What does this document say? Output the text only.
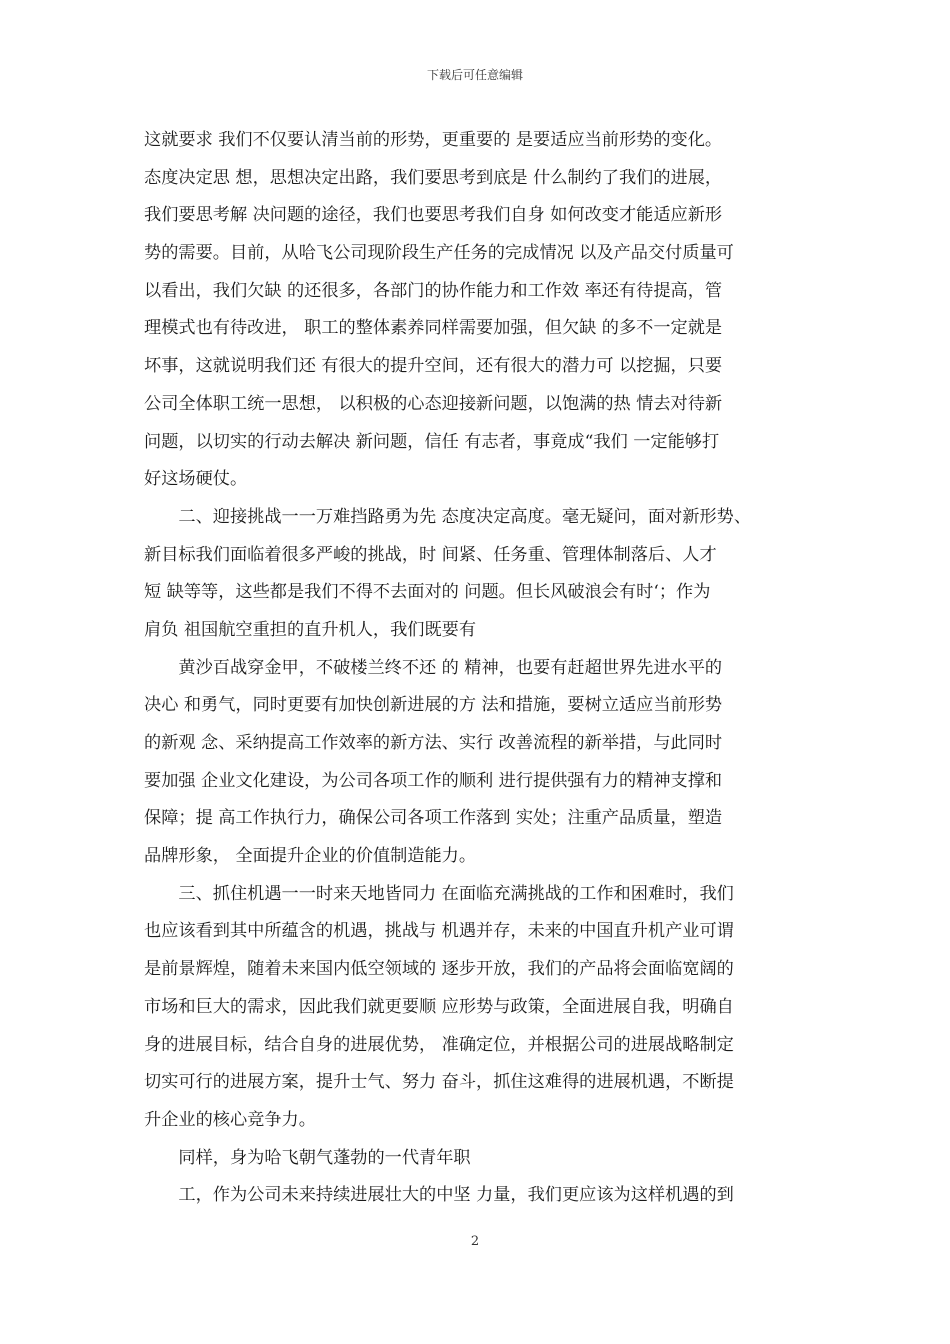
下载后可任意编辑
这就要求 我们不仅要认清当前的形势，更重要的 是要适应当前形势的变化。
态度决定思 想，思想决定出路，我们要思考到底是 什么制约了我们的进展，
我们要思考解 决问题的途径，我们也要思考我们自身 如何改变才能适应新形
势的需要。目前，从哈飞公司现阶段生产任务的完成情况 以及产品交付质量可
以看出，我们欠缺 的还很多，各部门的协作能力和工作效 率还有待提高，管
理模式也有待改进， 职工的整体素养同样需要加强，但欠缺 的多不一定就是
坏事，这就说明我们还 有很大的提升空间，还有很大的潜力可 以挖掘，只要
公司全体职工统一思想， 以积极的心态迎接新问题，以饱满的热 情去对待新
问题，以切实的行动去解决 新问题，信任 有志者，事竟成“我们 一定能够打
好这场硬仗。
　　二、迎接挑战一一万难挡路勇为先 态度决定高度。毫无疑问，面对新形势、
新目标我们面临着很多严峻的挑战，时 间紧、任务重、管理体制落后、人才
短 缺等等，这些都是我们不得不去面对的 问题。但长风破浪会有时‘；作为
肩负 祖国航空重担的直升机人，我们既要有
　　黄沙百战穿金甲，不破楼兰终不还 的 精神，也要有赶超世界先进水平的
决心 和勇气，同时更要有加快创新进展的方 法和措施，要树立适应当前形势
的新观 念、采纳提高工作效率的新方法、实行 改善流程的新举措，与此同时
要加强 企业文化建设，为公司各项工作的顺利 进行提供强有力的精神支撑和
保障；提 高工作执行力，确保公司各项工作落到 实处；注重产品质量，塑造
品牌形象， 全面提升企业的价值制造能力。
　　三、抓住机遇一一时来天地皆同力 在面临充满挑战的工作和困难时，我们
也应该看到其中所蕴含的机遇，挑战与 机遇并存，未来的中国直升机产业可谓
是前景辉煌，随着未来国内低空领域的 逐步开放，我们的产品将会面临宽阔的
市场和巨大的需求，因此我们就更要顺 应形势与政策，全面进展自我，明确自
身的进展目标，结合自身的进展优势， 准确定位，并根据公司的进展战略制定
切实可行的进展方案，提升士气、努力 奋斗，抓住这难得的进展机遇，不断提
升企业的核心竞争力。
　　同样，身为哈飞朝气蓬勃的一代青年职
　　工，作为公司未来持续进展壮大的中坚 力量，我们更应该为这样机遇的到
2
